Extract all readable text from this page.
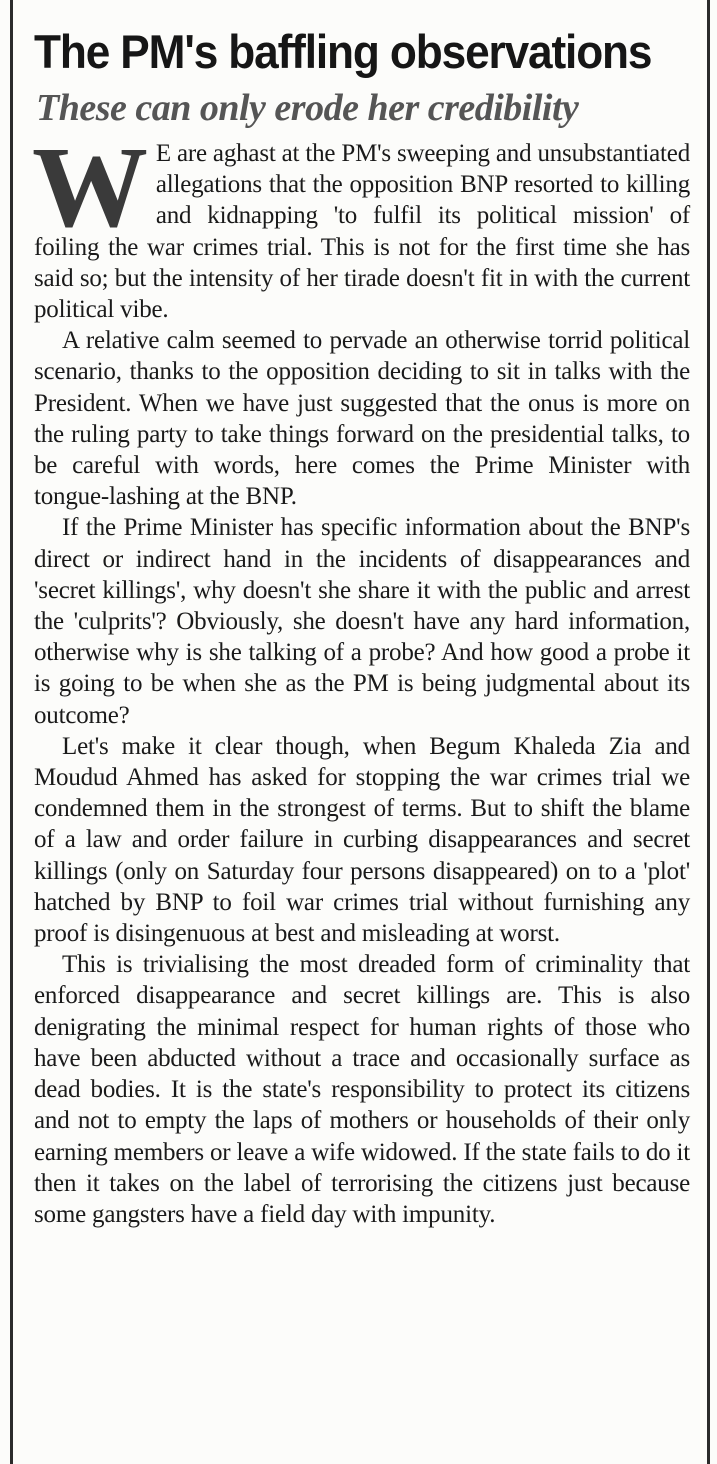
The PM's baffling observations
These can only erode her credibility

W E are aghast at the PM's sweeping and unsubstantiated allegations that the opposition BNP resorted to killing and kidnapping 'to fulfil its political mission' of foiling the war crimes trial. This is not for the first time she has said so; but the intensity of her tirade doesn't fit in with the current political vibe.

A relative calm seemed to pervade an otherwise torrid political scenario, thanks to the opposition deciding to sit in talks with the President. When we have just suggested that the onus is more on the ruling party to take things forward on the presidential talks, to be careful with words, here comes the Prime Minister with tongue-lashing at the BNP.

If the Prime Minister has specific information about the BNP's direct or indirect hand in the incidents of disappearances and 'secret killings', why doesn't she share it with the public and arrest the 'culprits'? Obviously, she doesn't have any hard information, otherwise why is she talking of a probe? And how good a probe it is going to be when she as the PM is being judgmental about its outcome?

Let's make it clear though, when Begum Khaleda Zia and Moudud Ahmed has asked for stopping the war crimes trial we condemned them in the strongest of terms. But to shift the blame of a law and order failure in curbing disappearances and secret killings (only on Saturday four persons disappeared) on to a 'plot' hatched by BNP to foil war crimes trial without furnishing any proof is disingenuous at best and misleading at worst.

This is trivialising the most dreaded form of criminality that enforced disappearance and secret killings are. This is also denigrating the minimal respect for human rights of those who have been abducted without a trace and occasionally surface as dead bodies. It is the state's responsibility to protect its citizens and not to empty the laps of mothers or households of their only earning members or leave a wife widowed. If the state fails to do it then it takes on the label of terrorising the citizens just because some gangsters have a field day with impunity.
